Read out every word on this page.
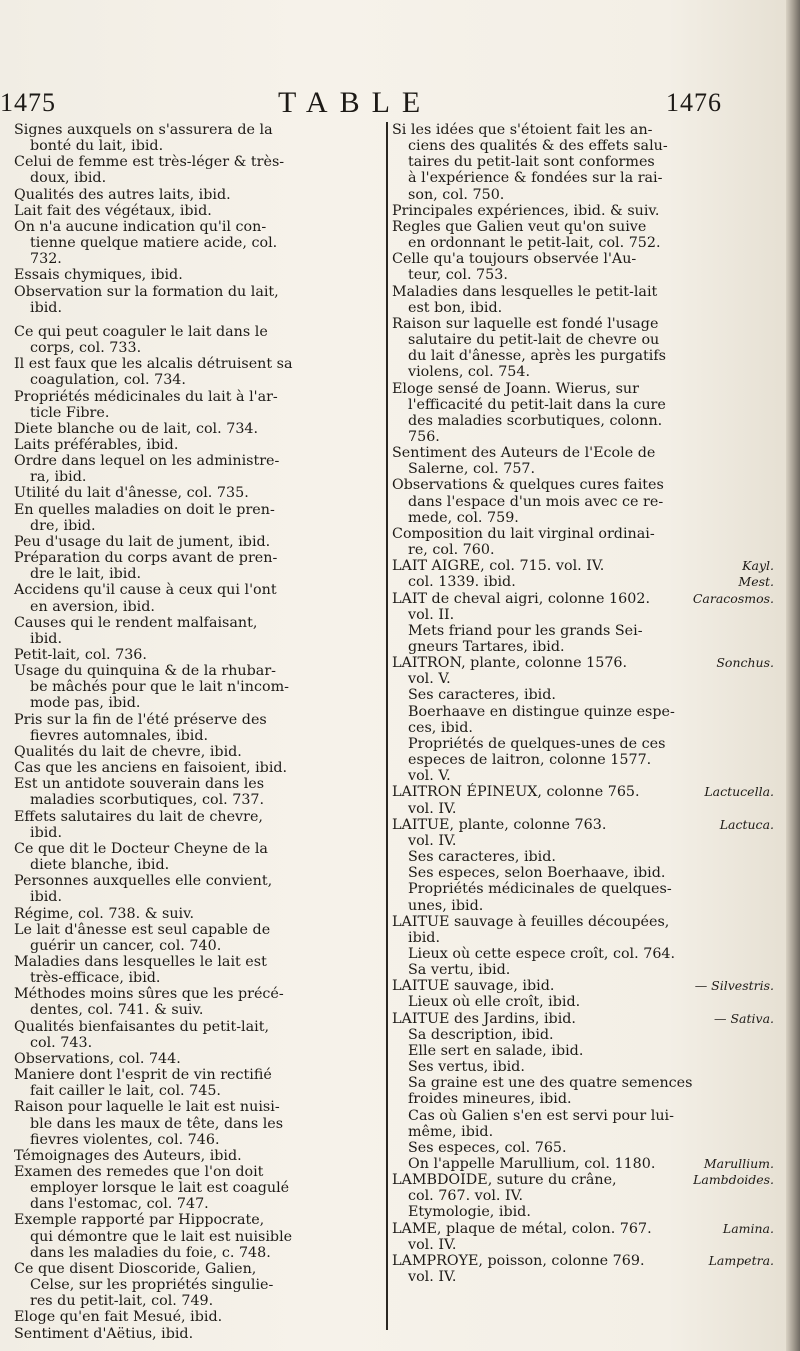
1475	TABLE	1476
Signes auxquels on s'assurera de la
bonté du lait, ibid.
Celui de femme est très-léger & très-
doux, ibid.
Qualités des autres laits, ibid.
Lait fait des végétaux, ibid.
On n'a aucune indication qu'il con-
tienne quelque matiere acide, col.
732.
Essais chymiques, ibid.
Observation sur la formation du lait,
ibid.

Ce qui peut coaguler le lait dans le
corps, col. 733.
Il est faux que les alcalis détruisent sa
coagulation, col. 734.
Propriétés médicinales du lait à l'ar-
ticle Fibre.
Diete blanche ou de lait, col. 734.
Laits préférables, ibid.
Ordre dans lequel on les administre-
ra, ibid.
Utilité du lait d'ânesse, col. 735.
En quelles maladies on doit le pren-
dre, ibid.
Peu d'usage du lait de jument, ibid.
Préparation du corps avant de pren-
dre le lait, ibid.
Accidens qu'il cause à ceux qui l'ont
en aversion, ibid.
Causes qui le rendent malfaisant,
ibid.
Petit-lait, col. 736.
Usage du quinquina & de la rhubar-
be mâchés pour que le lait n'incom-
mode pas, ibid.
Pris sur la fin de l'été préserve des
fievres automnales, ibid.
Qualités du lait de chevre, ibid.
Cas que les anciens en faisoient, ibid.
Est un antidote souverain dans les
maladies scorbutiques, col. 737.
Effets salutaires du lait de chevre,
ibid.
Ce que dit le Docteur Cheyne de la
diete blanche, ibid.
Personnes auxquelles elle convient,
ibid.
Régime, col. 738. & suiv.
Le lait d'ânesse est seul capable de
guérir un cancer, col. 740.
Maladies dans lesquelles le lait est
très-efficace, ibid.
Méthodes moins sûres que les précé-
dentes, col. 741. & suiv.
Qualités bienfaisantes du petit-lait,
col. 743.
Observations, col. 744.
Maniere dont l'esprit de vin rectifié
fait cailler le lait, col. 745.
Raison pour laquelle le lait est nuisi-
ble dans les maux de tête, dans les
fievres violentes, col. 746.
Témoignages des Auteurs, ibid.
Examen des remedes que l'on doit
employer lorsque le lait est coagulé
dans l'estomac, col. 747.
Exemple rapporté par Hippocrate,
qui démontre que le lait est nuisible
dans les maladies du foie, c. 748.
Ce que disent Dioscoride, Galien,
Celse, sur les propriétés singulie-
res du petit-lait, col. 749.
Eloge qu'en fait Mesué, ibid.
Sentiment d'Aëtius, ibid.
Si les idées que s'étoient fait les an-
ciens des qualités & des effets salu-
taires du petit-lait sont conformes
à l'expérience & fondées sur la rai-
son, col. 750.
Principales expériences, ibid. & suiv.
Regles que Galien veut qu'on suive
en ordonnant le petit-lait, col. 752.
Celle qu'a toujours observée l'Au-
teur, col. 753.
Maladies dans lesquelles le petit-lait
est bon, ibid.
Raison sur laquelle est fondé l'usage
salutaire du petit-lait de chevre ou
du lait d'ânesse, après les purgatifs
violens, col. 754.
Eloge sensé de Joann. Wierus, sur
l'efficacité du petit-lait dans la cure
des maladies scorbutiques, colonn.
756.
Sentiment des Auteurs de l'Ecole de
Salerne, col. 757.
Observations & quelques cures faites
dans l'espace d'un mois avec ce re-
mede, col. 759.
Composition du lait virginal ordinai-
re, col. 760.
LAIT AIGRE, col. 715. vol. IV.	Kayl.
col. 1339. ibid.	Mest.
LAIT de cheval aigri, colonne 1602.	Caracosmos.
vol. II.
Mets friand pour les grands Sei-
gneurs Tartares, ibid.
LAITRON, plante, colonne 1576.	Sonchus.
vol. V.
Ses caracteres, ibid.
Boerhaave en distingue quinze espe-
ces, ibid.
Propriétés de quelques-unes de ces
especes de laitron, colonne 1577.
vol. V.
LAITRON ÉPINEUX, colonne 765.	Lactucella.
vol. IV.
LAITUE, plante, colonne 763.	Lactuca.
vol. IV.
Ses caracteres, ibid.
Ses especes, selon Boerhaave, ibid.
Propriétés médicinales de quelques-
unes, ibid.
LAITUE sauvage à feuilles découpées,
ibid.
Lieux où cette espece croît, col. 764.
Sa vertu, ibid.
LAITUE sauvage, ibid.	— Silvestris.
Lieux où elle croît, ibid.
LAITUE des Jardins, ibid.	— Sativa.
Sa description, ibid.
Elle sert en salade, ibid.
Ses vertus, ibid.
Sa graine est une des quatre semences
froides mineures, ibid.
Cas où Galien s'en est servi pour lui-
même, ibid.
Ses especes, col. 765.
On l'appelle Marullium, col. 1180.	Marullium.
LAMBDOIDE, suture du crâne,	Lambdoides.
col. 767. vol. IV.
Etymologie, ibid.
LAME, plaque de métal, colon. 767.	Lamina.
vol. IV.
LAMPROYE, poisson, colonne 769.	Lampetra.
vol. IV.
